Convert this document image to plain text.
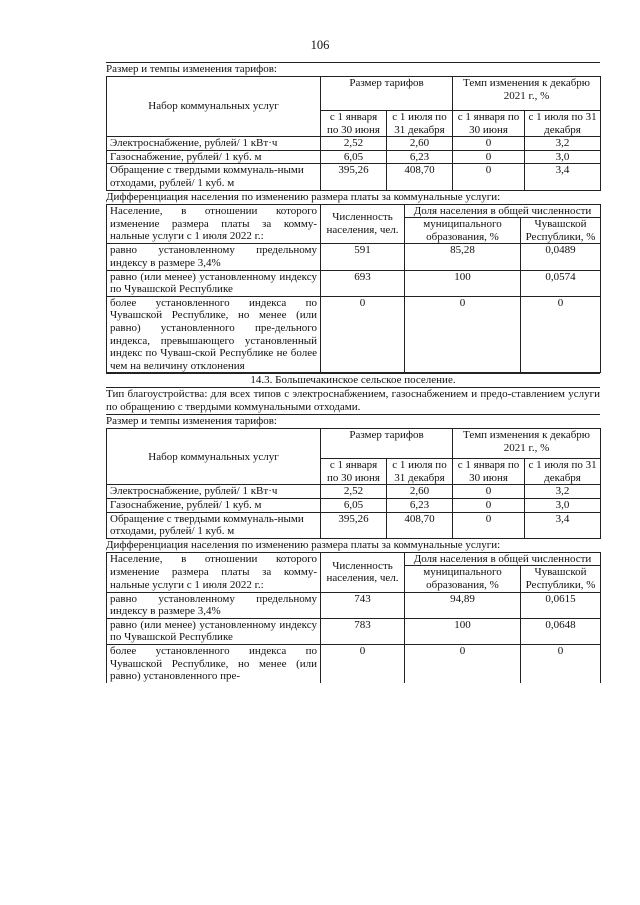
106
Размер и темпы изменения тарифов:
Набор коммунальных услуг	Размер тарифов		Темп изменения к декабрю 2021 г., %	
	с 1 января по 30 июня	с 1 июля по 31 декабря	с 1 января по 30 июня	с 1 июля по 31 декабря
Электроснабжение, рублей/ 1 кВт·ч	2,52	2,60	0	3,2
Газоснабжение, рублей/ 1 куб. м	6,05	6,23	0	3,0
Обращение с твердыми коммуналь-ными отходами, рублей/ 1 куб. м	395,26	408,70	0	3,4
Дифференциация населения по изменению размера платы за коммунальные услуги:
Население, в отношении которого изменение размера платы за комму-нальные услуги с 1 июля 2022 г.:	Численность населения, чел.	Доля населения в общей численности	
		муниципального образования, %	Чувашской Республики, %
равно установленному предельному индексу в размере 3,4%	591	85,28	0,0489
равно (или менее) установленному индексу по Чувашской Республике	693	100	0,0574
более установленного индекса по Чувашской Республике, но менее (или равно) установленного пре-дельного индекса, превышающего установленный индекс по Чуваш-ской Республике не более чем на величину отклонения	0	0	0
14.3. Большечакинское сельское поселение.
Тип благоустройства: для всех типов с электроснабжением, газоснабжением и предо-ставлением услуги по обращению с твердыми коммунальными отходами.
Размер и темпы изменения тарифов:
Набор коммунальных услуг	Размер тарифов		Темп изменения к декабрю 2021 г., %	
	с 1 января по 30 июня	с 1 июля по 31 декабря	с 1 января по 30 июня	с 1 июля по 31 декабря
Электроснабжение, рублей/ 1 кВт·ч	2,52	2,60	0	3,2
Газоснабжение, рублей/ 1 куб. м	6,05	6,23	0	3,0
Обращение с твердыми коммуналь-ными отходами, рублей/ 1 куб. м	395,26	408,70	0	3,4
Дифференциация населения по изменению размера платы за коммунальные услуги:
Население, в отношении которого изменение размера платы за комму-нальные услуги с 1 июля 2022 г.:	Численность населения, чел.	Доля населения в общей численности	
		муниципального образования, %	Чувашской Республики, %
равно установленному предельному индексу в размере 3,4%	743	94,89	0,0615
равно (или менее) установленному индексу по Чувашской Республике	783	100	0,0648
более установленного индекса по Чувашской Республике, но менее (или равно) установленного пре-	0	0	0
